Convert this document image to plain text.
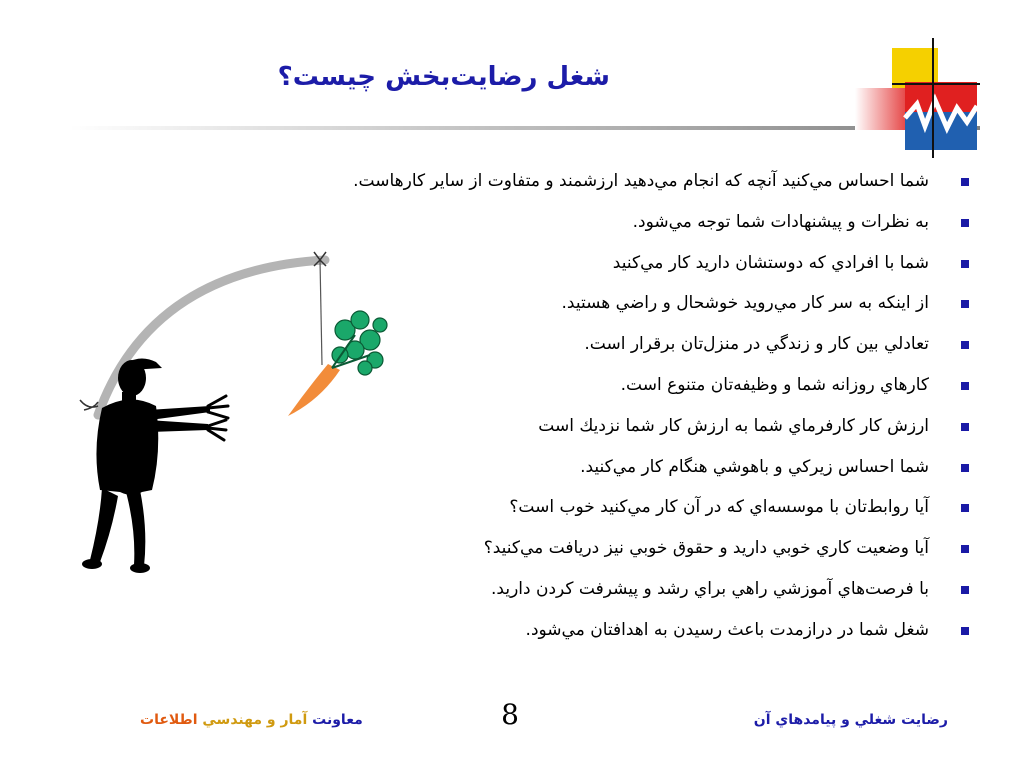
شغل رضايت‌بخش چيست؟
شما احساس مي‌كنيد آنچه كه انجام مي‌دهيد ارزشمند و متفاوت از ساير كارهاست.
به نظرات و پيشنهادات شما توجه مي‌شود.
شما با افرادي كه دوستشان داريد كار مي‌كنيد
از اينكه به سر كار مي‌رويد خوشحال و راضي هستيد.
تعادلي بين كار و زندگي در منزل‌تان برقرار است.
كارهاي روزانه شما و وظيفه‌تان متنوع است.
ارزش كار كارفرماي شما به ارزش كار شما نزديك است
شما احساس زيركي و باهوشي هنگام كار مي‌كنيد.
آيا روابط‌تان با موسسه‌اي كه در آن كار مي‌كنيد خوب است؟
آيا وضعيت كاري خوبي داريد و حقوق خوبي نيز دريافت مي‌كنيد؟
با فرصت‌هاي آموزشي راهي براي رشد و پيشرفت كردن داريد.
شغل شما در درازمدت باعث رسيدن به اهدافتان مي‌شود.
معاونت آمار و مهندسي اطلاعات	8	رضايت شغلي و پيامدهاي آن
